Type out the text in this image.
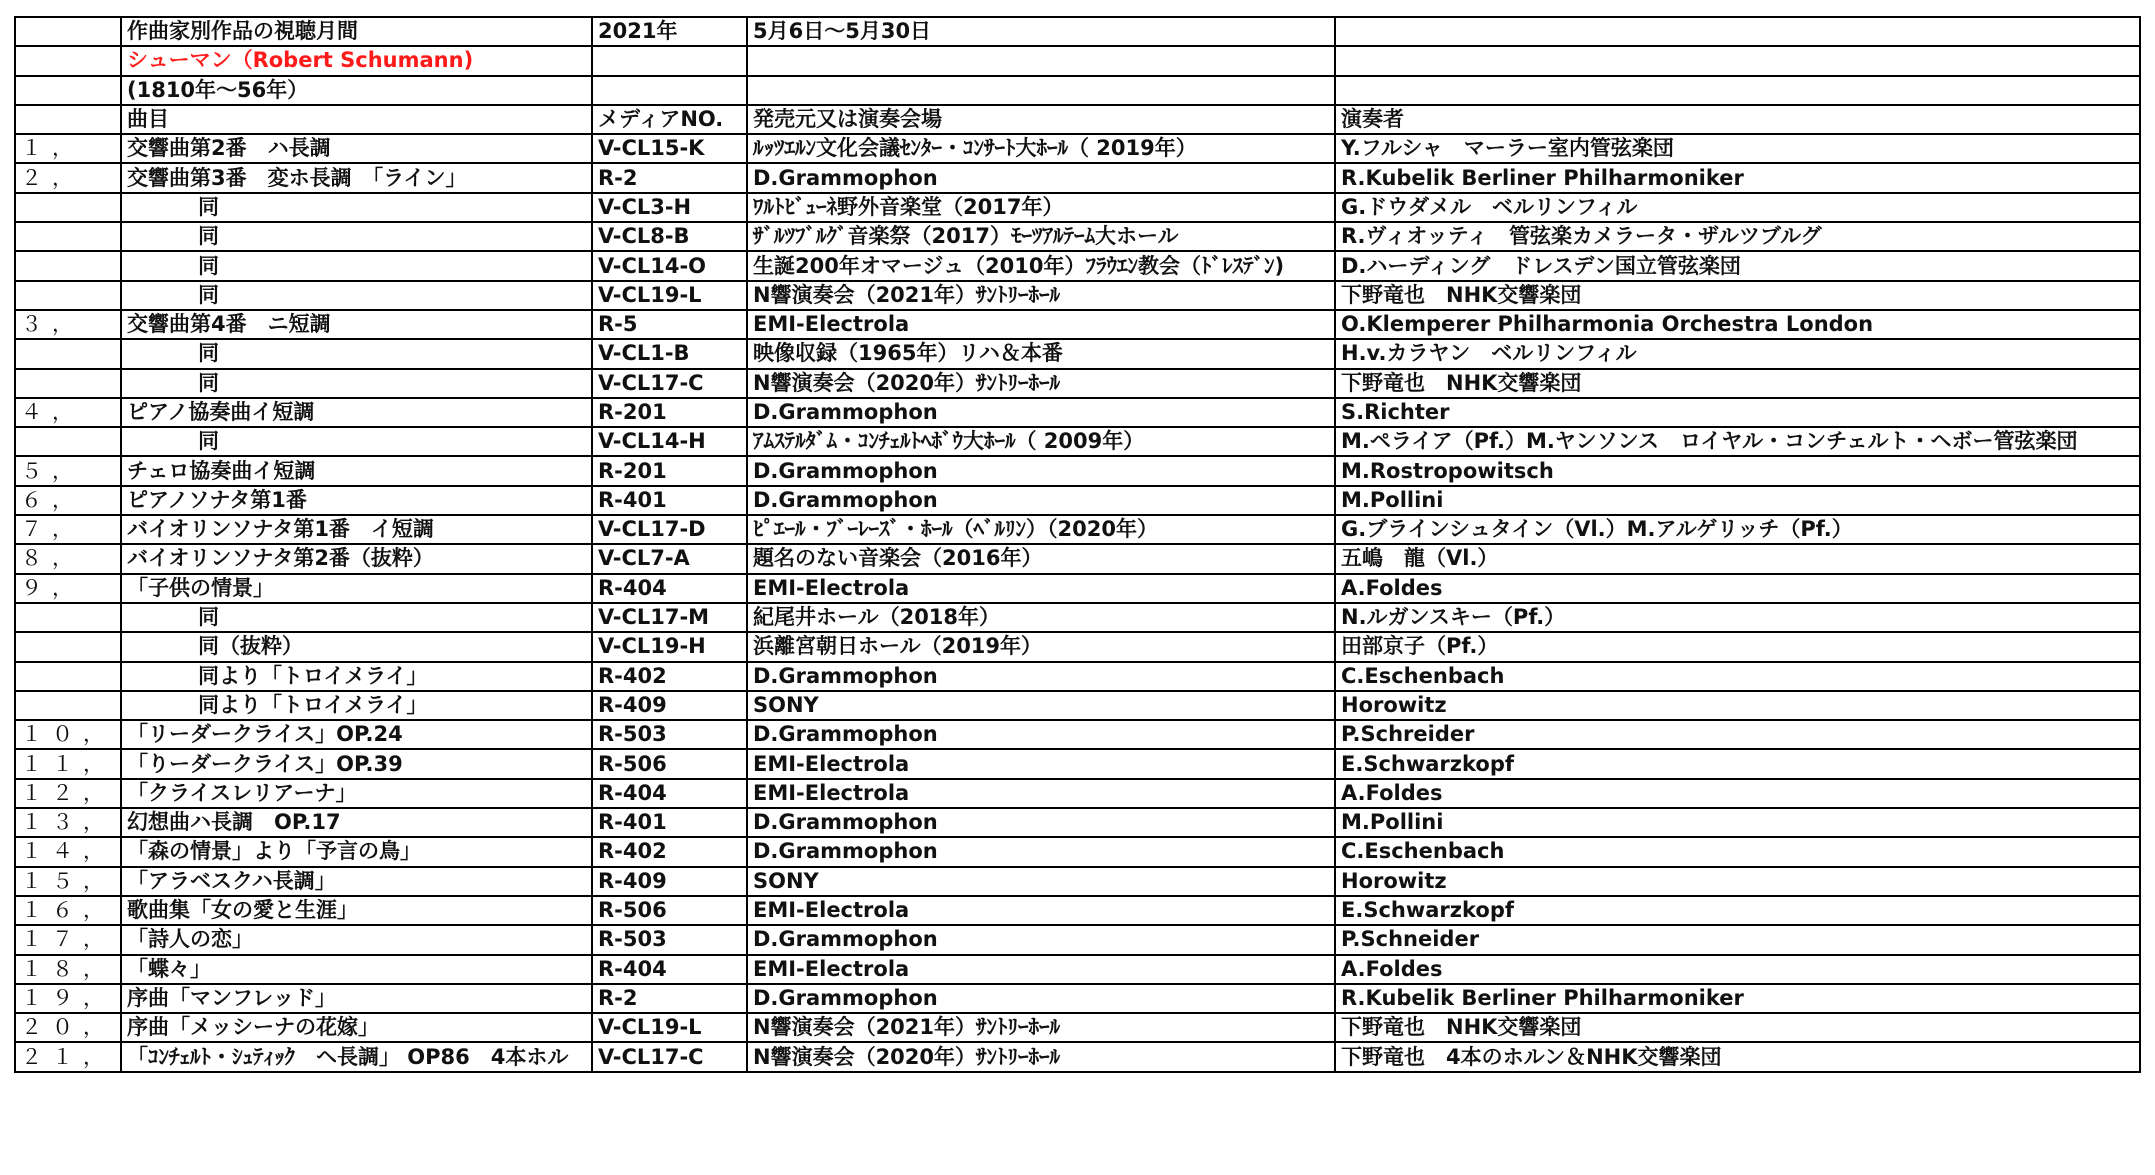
	作曲家別作品の視聴月間	2021年	5月6日～5月30日	
	シューマン（Robert Schumann)			
	(1810年～56年）			
	曲目	メディアNO.	発売元又は演奏会場	演奏者
１，	交響曲第2番　ハ長調	V-CL15-K	ﾙｯﾂｴﾙﾝ文化会議ｾﾝﾀｰ・ｺﾝｻｰﾄ大ﾎｰﾙ（ 2019年）	Y.フルシャ　マーラー室内管弦楽団
２，	交響曲第3番　変ホ長調　「ライン」	R-2	D.Grammophon	R.Kubelik Berliner Philharmoniker
	同	V-CL3-H	ﾜﾙﾄﾋﾞｭｰﾈ野外音楽堂（2017年）	G.ドウダメル　ベルリンフィル
	同	V-CL8-B	ｻﾞﾙﾂﾌﾞﾙｸﾞ音楽祭（2017）ﾓｰﾂｱﾙﾃｰﾑ大ホール	R.ヴィオッティ　管弦楽カメラータ・ザルツブルグ
	同	V-CL14-O	生誕200年オマージュ（2010年）ﾌﾗｳｴﾝ教会（ﾄﾞﾚｽﾃﾞﾝ)	D.ハーディング　ドレスデン国立管弦楽団
	同	V-CL19-L	N響演奏会（2021年）ｻﾝﾄﾘｰﾎｰﾙ	下野竜也　NHK交響楽団
３，	交響曲第4番　ニ短調	R-5	EMI-Electrola	O.Klemperer Philharmonia Orchestra London
	同	V-CL1-B	映像収録（1965年）リハ＆本番	H.v.カラヤン　ベルリンフィル
	同	V-CL17-C	N響演奏会（2020年）ｻﾝﾄﾘｰﾎｰﾙ	下野竜也　NHK交響楽団
４，	ピアノ協奏曲イ短調	R-201	D.Grammophon	S.Richter
	同	V-CL14-H	ｱﾑｽﾃﾙﾀﾞﾑ・ｺﾝﾁｪﾙﾄﾍﾎﾞｳ大ﾎｰﾙ（ 2009年）	M.ペライア（Pf.）M.ヤンソンス　ロイヤル・コンチェルト・ヘボー管弦楽団
５，	チェロ協奏曲イ短調	R-201	D.Grammophon	M.Rostropowitsch
６，	ピアノソナタ第1番	R-401	D.Grammophon	M.Pollini
７，	バイオリンソナタ第1番　イ短調	V-CL17-D	ﾋﾟｴｰﾙ・ﾌﾞｰﾚｰｽﾞ・ﾎｰﾙ（ﾍﾞﾙﾘﾝ）（2020年）	G.ブラインシュタイン（Vl.）M.アルゲリッチ（Pf.）
８，	バイオリンソナタ第2番（抜粋）	V-CL7-A	題名のない音楽会（2016年）	五嶋　龍（Vl.）
９，	「子供の情景」	R-404	EMI-Electrola	A.Foldes
	同	V-CL17-M	紀尾井ホール（2018年）	N.ルガンスキー（Pf.）
	同（抜粋）	V-CL19-H	浜離宮朝日ホール（2019年）	田部京子（Pf.）
	同より「トロイメライ」	R-402	D.Grammophon	C.Eschenbach
	同より「トロイメライ」	R-409	SONY	Horowitz
１０，	「リーダークライス」OP.24	R-503	D.Grammophon	P.Schreider
１１，	「りーダークライス」OP.39	R-506	EMI-Electrola	E.Schwarzkopf
１２，	「クライスレリアーナ」	R-404	EMI-Electrola	A.Foldes
１３，	幻想曲ハ長調　OP.17	R-401	D.Grammophon	M.Pollini
１４，	「森の情景」より「予言の鳥」	R-402	D.Grammophon	C.Eschenbach
１５，	「アラベスクハ長調」	R-409	SONY	Horowitz
１６，	歌曲集「女の愛と生涯」	R-506	EMI-Electrola	E.Schwarzkopf
１７，	「詩人の恋」	R-503	D.Grammophon	P.Schneider
１８，	「蝶々」	R-404	EMI-Electrola	A.Foldes
１９，	序曲「マンフレッド」	R-2	D.Grammophon	R.Kubelik Berliner Philharmoniker
２０，	序曲「メッシーナの花嫁」	V-CL19-L	N響演奏会（2021年）ｻﾝﾄﾘｰﾎｰﾙ	下野竜也　NHK交響楽団
２１，	「ｺﾝﾁｪﾙﾄ・ｼｭﾃｨｯｸ　ヘ長調」 OP86　4本ホル	V-CL17-C	N響演奏会（2020年）ｻﾝﾄﾘｰﾎｰﾙ	下野竜也　4本のホルン＆NHK交響楽団
